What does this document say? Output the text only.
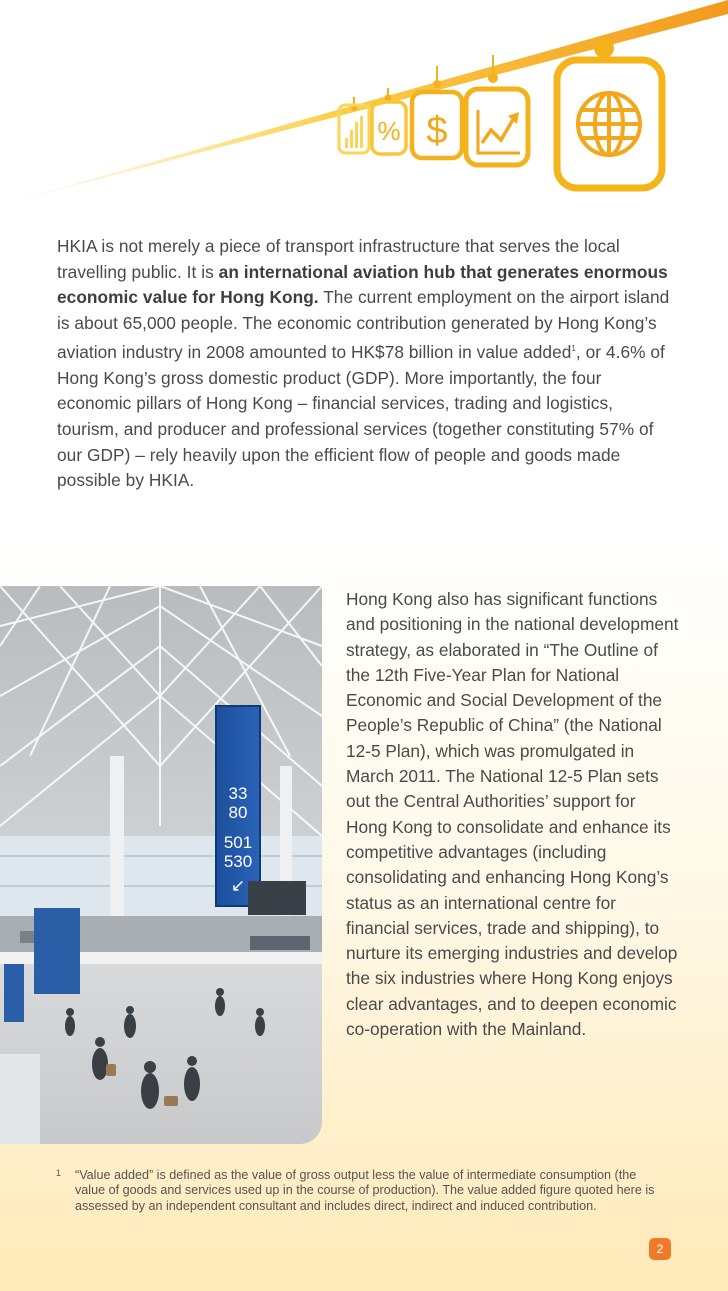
% $

HKIA is not merely a piece of transport infrastructure that serves the local travelling public. It is an international aviation hub that generates enormous economic value for Hong Kong. The current employment on the airport island is about 65,000 people. The economic contribution generated by Hong Kong’s aviation industry in 2008 amounted to HK$78 billion in value added$^1$, or 4.6% of Hong Kong’s gross domestic product (GDP). More importantly, the four economic pillars of Hong Kong – financial services, trading and logistics, tourism, and producer and professional services (together constituting 57% of our GDP) – rely heavily upon the efficient flow of people and goods made possible by HKIA.

33
80
501
530
↙

Hong Kong also has significant functions and positioning in the national development strategy, as elaborated in “The Outline of the 12th Five-Year Plan for National Economic and Social Development of the People’s Republic of China” (the National 12-5 Plan), which was promulgated in March 2011. The National 12-5 Plan sets out the Central Authorities’ support for Hong Kong to consolidate and enhance its competitive advantages (including consolidating and enhancing Hong Kong’s status as an international centre for financial services, trade and shipping), to nurture its emerging industries and develop the six industries where Hong Kong enjoys clear advantages, and to deepen economic co-operation with the Mainland.

1 “Value added” is defined as the value of gross output less the value of intermediate consumption (the value of goods and services used up in the course of production). The value added figure quoted here is assessed by an independent consultant and includes direct, indirect and induced contribution.
2
